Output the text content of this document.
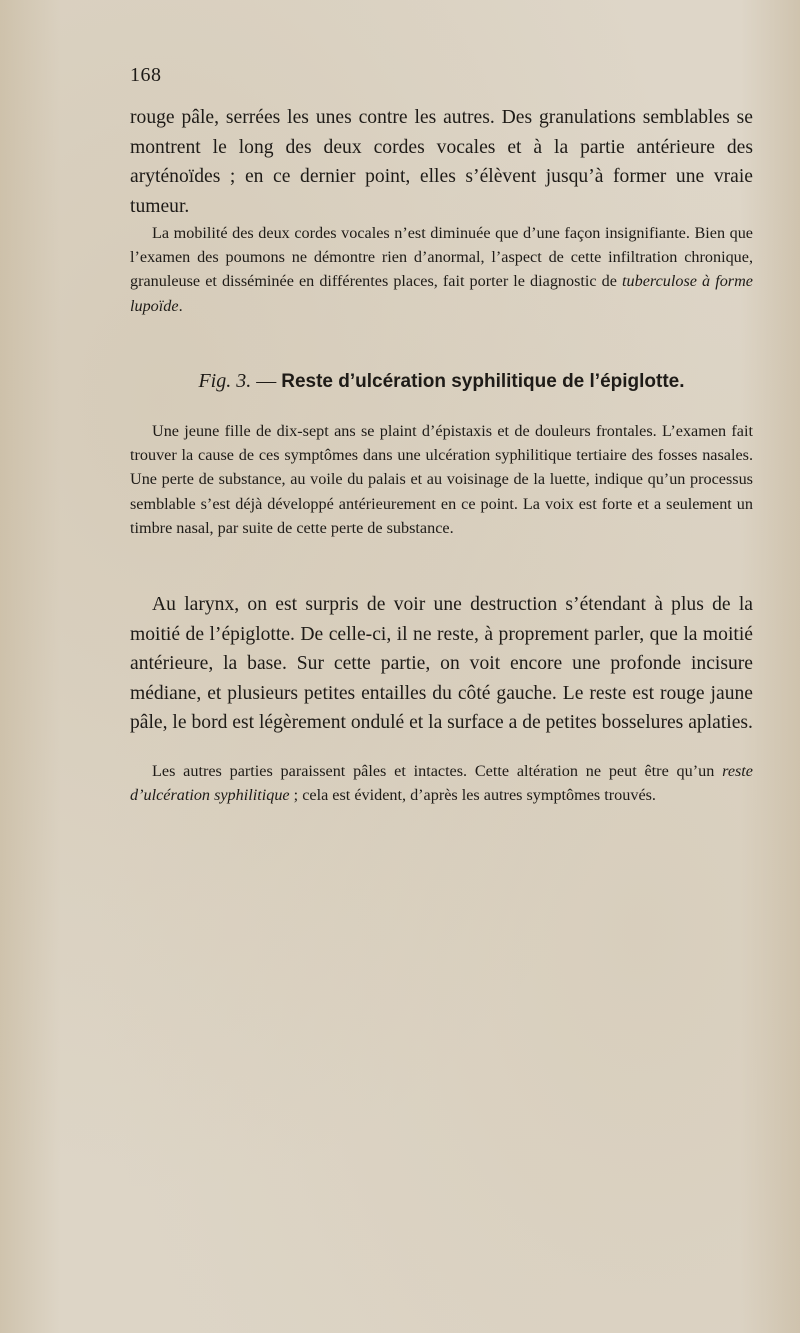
168

rouge pâle, serrées les unes contre les autres. Des granulations semblables se montrent le long des deux cordes vocales et à la partie antérieure des aryténoïdes ; en ce dernier point, elles s’élèvent jusqu’à former une vraie tumeur.

La mobilité des deux cordes vocales n’est diminuée que d’une façon insignifiante. Bien que l’examen des poumons ne démontre rien d’anormal, l’aspect de cette infiltration chronique, granuleuse et disséminée en différentes places, fait porter le diagnostic de tuberculose à forme lupoïde.

Fig. 3. — Reste d’ulcération syphilitique de l’épiglotte.

Une jeune fille de dix-sept ans se plaint d’épistaxis et de douleurs frontales. L’examen fait trouver la cause de ces symptômes dans une ulcération syphilitique tertiaire des fosses nasales. Une perte de substance, au voile du palais et au voisinage de la luette, indique qu’un processus semblable s’est déjà développé antérieurement en ce point. La voix est forte et a seulement un timbre nasal, par suite de cette perte de substance.

Au larynx, on est surpris de voir une destruction s’étendant à plus de la moitié de l’épiglotte. De celle-ci, il ne reste, à proprement parler, que la moitié antérieure, la base. Sur cette partie, on voit encore une profonde incisure médiane, et plusieurs petites entailles du côté gauche. Le reste est rouge jaune pâle, le bord est légèrement ondulé et la surface a de petites bosselures aplaties.

Les autres parties paraissent pâles et intactes. Cette altération ne peut être qu’un reste d’ulcération syphilitique ; cela est évident, d’après les autres symptômes trouvés.
